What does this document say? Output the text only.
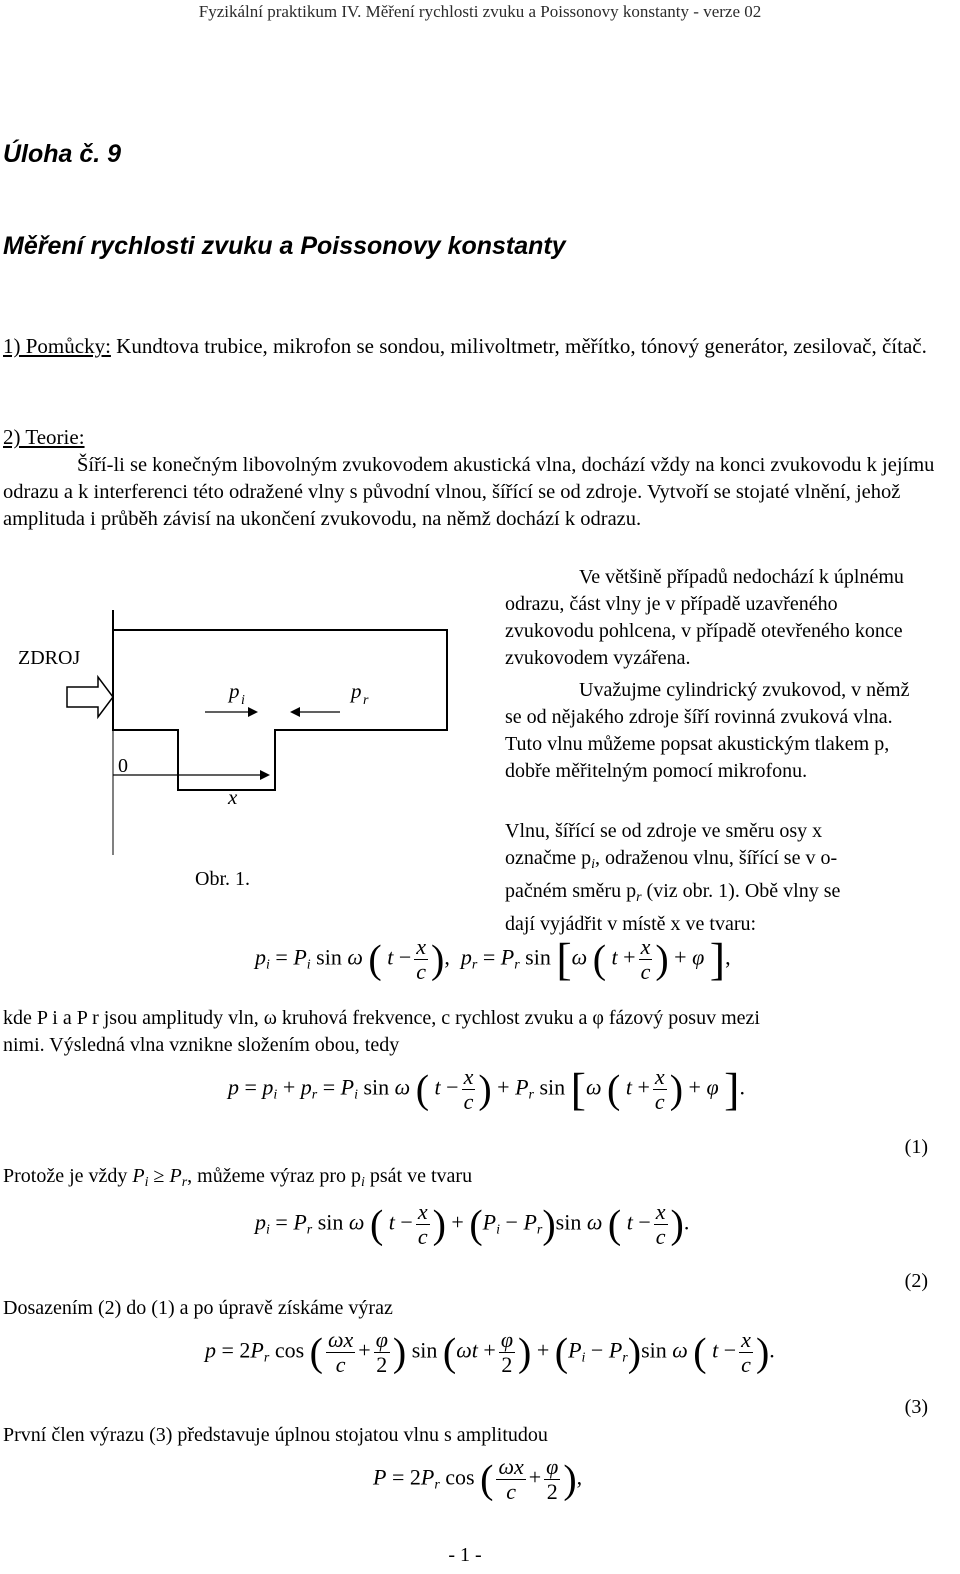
Fyzikální praktikum IV. Měření rychlosti zvuku a Poissonovy konstanty - verze 02
Úloha č. 9
Měření rychlosti zvuku a Poissonovy konstanty
1) Pomůcky: Kundtova trubice, mikrofon se sondou, milivoltmetr, měřítko, tónový generátor, zesilovač, čítač.
2) Teorie:
Šíří-li se konečným libovolným zvukovodem akustická vlna, dochází vždy na konci zvukovodu k jejímu odrazu a k interferenci této odražené vlny s původní vlnou, šířící se od zdroje. Vytvoří se stojaté vlnění, jehož amplituda i průběh závisí na ukončení zvukovodu, na němž dochází k odrazu.
ZDROJ
0
x
p i	p r
Obr. 1.
Ve většině případů nedochází k úplnému odrazu, část vlny je v případě uzavřeného zvukovodu pohlcena, v případě otevřeného konce zvukovodem vyzářena.
Uvažujme cylindrický zvukovod, v němž se od nějakého zdroje šíří rovinná zvuková vlna. Tuto vlnu můžeme popsat akustickým tlakem p, dobře měřitelným pomocí mikrofonu.
Vlnu, šířící se od zdroje ve směru osy x
označme $p_i$, odraženou vlnu, šířící se v o-
pačném směru $p_r$ (viz obr. 1). Obě vlny se
dají vyjádřit v místě x ve tvaru:
$p_i = P_i$ sin ω ( $t - \frac{x}{c}$ ),  $p_r = P_r$ sin [ω ( $t + \frac{x}{c}$ ) + φ ],
kde P i a P r jsou amplitudy vln, ω kruhová frekvence, c rychlost zvuku a φ fázový posuv mezi
nimi. Výsledná vlna vznikne složením obou, tedy
$p = p_i + p_r = P_i$ sin ω ( $t - \frac{x}{c}$ ) + $P_r$ sin [ω ( $t + \frac{x}{c}$ ) + φ ].
(1)
Protože je vždy $P_i \ge P_r$, můžeme výraz pro $p_i$ psát ve tvaru
$p_i = P_r$ sin ω ( $t - \frac{x}{c}$ ) + $(P_i - P_r)\sin$ ω ( $t - \frac{x}{c}$ ).
(2)
Dosazením (2) do (1) a po úpravě získáme výraz
$p = 2P_r$ cos ( $\frac{\omega x}{c} + \frac{\varphi}{2}$ ) $\sin (\omega t + \frac{\varphi}{2}$ ) + $(P_i - P_r)\sin$ ω ( $t - \frac{x}{c}$ ).
(3)
První člen výrazu (3) představuje úplnou stojatou vlnu s amplitudou
$P = 2P_r$ cos ( $\frac{\omega x}{c} + \frac{\varphi}{2}$ ),
- 1 -
